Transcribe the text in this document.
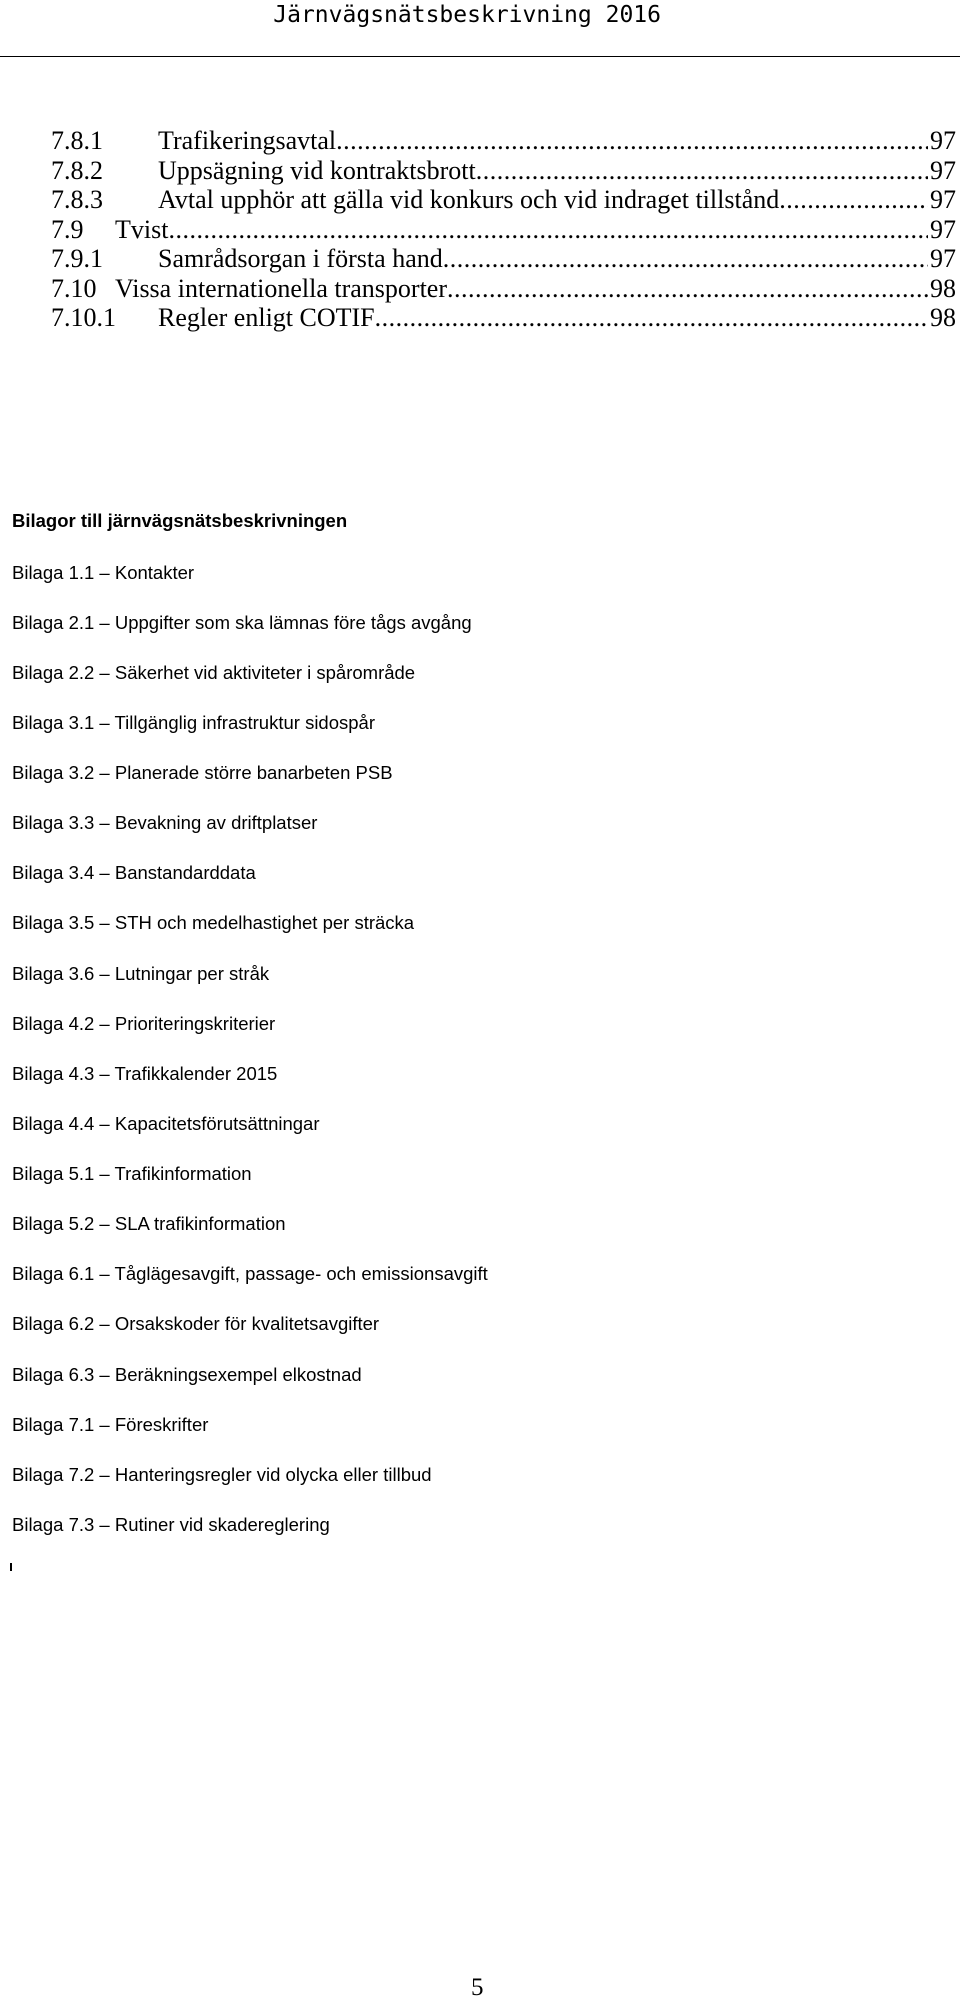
Järnvägsnätsbeskrivning 2016
7.8.1	Trafikeringsavtal .....	97
7.8.2	Uppsägning vid kontraktsbrott .....	97
7.8.3	Avtal upphör att gälla vid konkurs och vid indraget tillstånd .....	97
7.9	Tvist .....	97
7.9.1	Samrådsorgan i första hand .....	97
7.10 Vissa internationella transporter .....	98
7.10.1	Regler enligt COTIF .....	98
Bilagor till järnvägsnätsbeskrivningen
Bilaga 1.1 – Kontakter
Bilaga 2.1 – Uppgifter som ska lämnas före tågs avgång
Bilaga 2.2 – Säkerhet vid aktiviteter i spårområde
Bilaga 3.1 – Tillgänglig infrastruktur sidospår
Bilaga 3.2 – Planerade större banarbeten PSB
Bilaga 3.3 – Bevakning av driftplatser
Bilaga 3.4 – Banstandarddata
Bilaga 3.5 – STH och medelhastighet per sträcka
Bilaga 3.6 – Lutningar per stråk
Bilaga 4.2 – Prioriteringskriterier
Bilaga 4.3 – Trafikkalender 2015
Bilaga 4.4 – Kapacitetsförutsättningar
Bilaga 5.1 – Trafikinformation
Bilaga 5.2 – SLA trafikinformation
Bilaga 6.1 – Tåglägesavgift, passage- och emissionsavgift
Bilaga 6.2 – Orsakskoder för kvalitetsavgifter
Bilaga 6.3 – Beräkningsexempel elkostnad
Bilaga 7.1 – Föreskrifter
Bilaga 7.2 – Hanteringsregler vid olycka eller tillbud
Bilaga 7.3 – Rutiner vid skadereglering
5
